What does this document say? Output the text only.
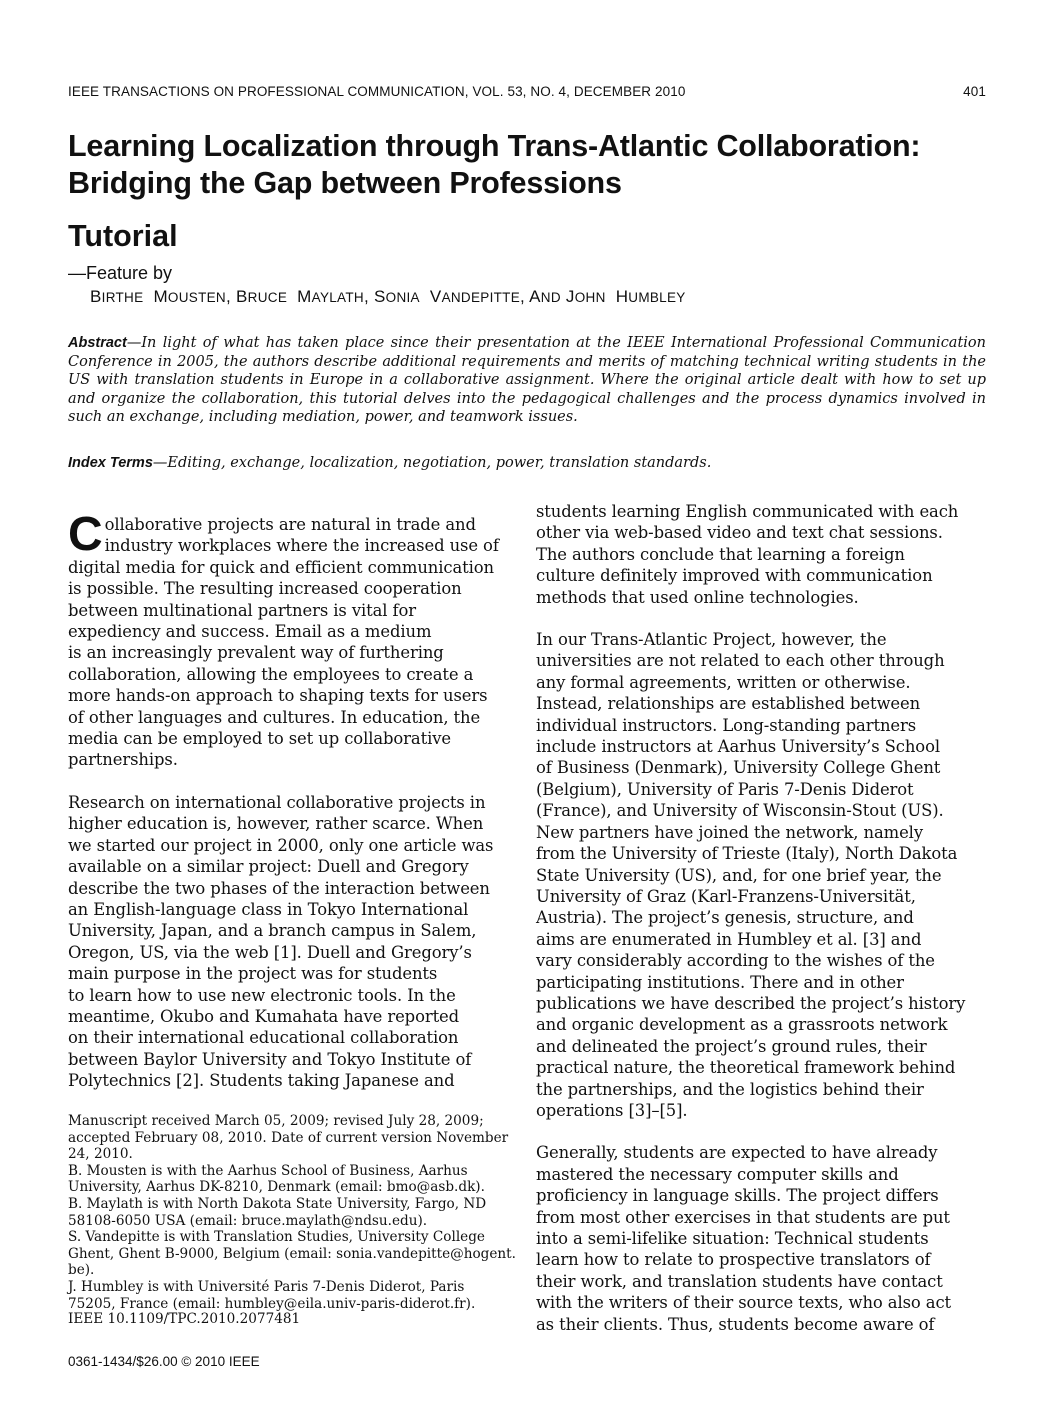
IEEE TRANSACTIONS ON PROFESSIONAL COMMUNICATION, VOL. 53, NO. 4, DECEMBER 2010	401
Learning Localization through Trans-Atlantic Collaboration:
Bridging the Gap between Professions
Tutorial
—Feature by
BIRTHE MOUSTEN, BRUCE MAYLATH, SONIA VANDEPITTE, AND JOHN HUMBLEY
Abstract—In light of what has taken place since their presentation at the IEEE International Professional Communication Conference in 2005, the authors describe additional requirements and merits of matching technical writing students in the US with translation students in Europe in a collaborative assignment. Where the original article dealt with how to set up and organize the collaboration, this tutorial delves into the pedagogical challenges and the process dynamics involved in such an exchange, including mediation, power, and teamwork issues.
Index Terms—Editing, exchange, localization, negotiation, power, translation standards.

Collaborative projects are natural in trade and
industry workplaces where the increased use of
digital media for quick and efficient communication
is possible. The resulting increased cooperation
between multinational partners is vital for
expediency and success. Email as a medium
is an increasingly prevalent way of furthering
collaboration, allowing the employees to create a
more hands-on approach to shaping texts for users
of other languages and cultures. In education, the
media can be employed to set up collaborative
partnerships.

Research on international collaborative projects in
higher education is, however, rather scarce. When
we started our project in 2000, only one article was
available on a similar project: Duell and Gregory
describe the two phases of the interaction between
an English-language class in Tokyo International
University, Japan, and a branch campus in Salem,
Oregon, US, via the web [1]. Duell and Gregory’s
main purpose in the project was for students
to learn how to use new electronic tools. In the
meantime, Okubo and Kumahata have reported
on their international educational collaboration
between Baylor University and Tokyo Institute of
Polytechnics [2]. Students taking Japanese and

students learning English communicated with each
other via web-based video and text chat sessions.
The authors conclude that learning a foreign
culture definitely improved with communication
methods that used online technologies.

In our Trans-Atlantic Project, however, the
universities are not related to each other through
any formal agreements, written or otherwise.
Instead, relationships are established between
individual instructors. Long-standing partners
include instructors at Aarhus University’s School
of Business (Denmark), University College Ghent
(Belgium), University of Paris 7-Denis Diderot
(France), and University of Wisconsin-Stout (US).
New partners have joined the network, namely
from the University of Trieste (Italy), North Dakota
State University (US), and, for one brief year, the
University of Graz (Karl-Franzens-Universität,
Austria). The project’s genesis, structure, and
aims are enumerated in Humbley et al. [3] and
vary considerably according to the wishes of the
participating institutions. There and in other
publications we have described the project’s history
and organic development as a grassroots network
and delineated the project’s ground rules, their
practical nature, the theoretical framework behind
the partnerships, and the logistics behind their
operations [3]–[5].

Generally, students are expected to have already
mastered the necessary computer skills and
proficiency in language skills. The project differs
from most other exercises in that students are put
into a semi-lifelike situation: Technical students
learn how to relate to prospective translators of
their work, and translation students have contact
with the writers of their source texts, who also act
as their clients. Thus, students become aware of

Manuscript received March 05, 2009; revised July 28, 2009;
accepted February 08, 2010. Date of current version November
24, 2010.
B. Mousten is with the Aarhus School of Business, Aarhus
University, Aarhus DK-8210, Denmark (email: bmo@asb.dk).
B. Maylath is with North Dakota State University, Fargo, ND
58108-6050 USA (email: bruce.maylath@ndsu.edu).
S. Vandepitte is with Translation Studies, University College
Ghent, Ghent B-9000, Belgium (email: sonia.vandepitte@hogent.
be).
J. Humbley is with Université Paris 7-Denis Diderot, Paris
75205, France (email: humbley@eila.univ-paris-diderot.fr).
IEEE 10.1109/TPC.2010.2077481
0361-1434/$26.00 © 2010 IEEE
